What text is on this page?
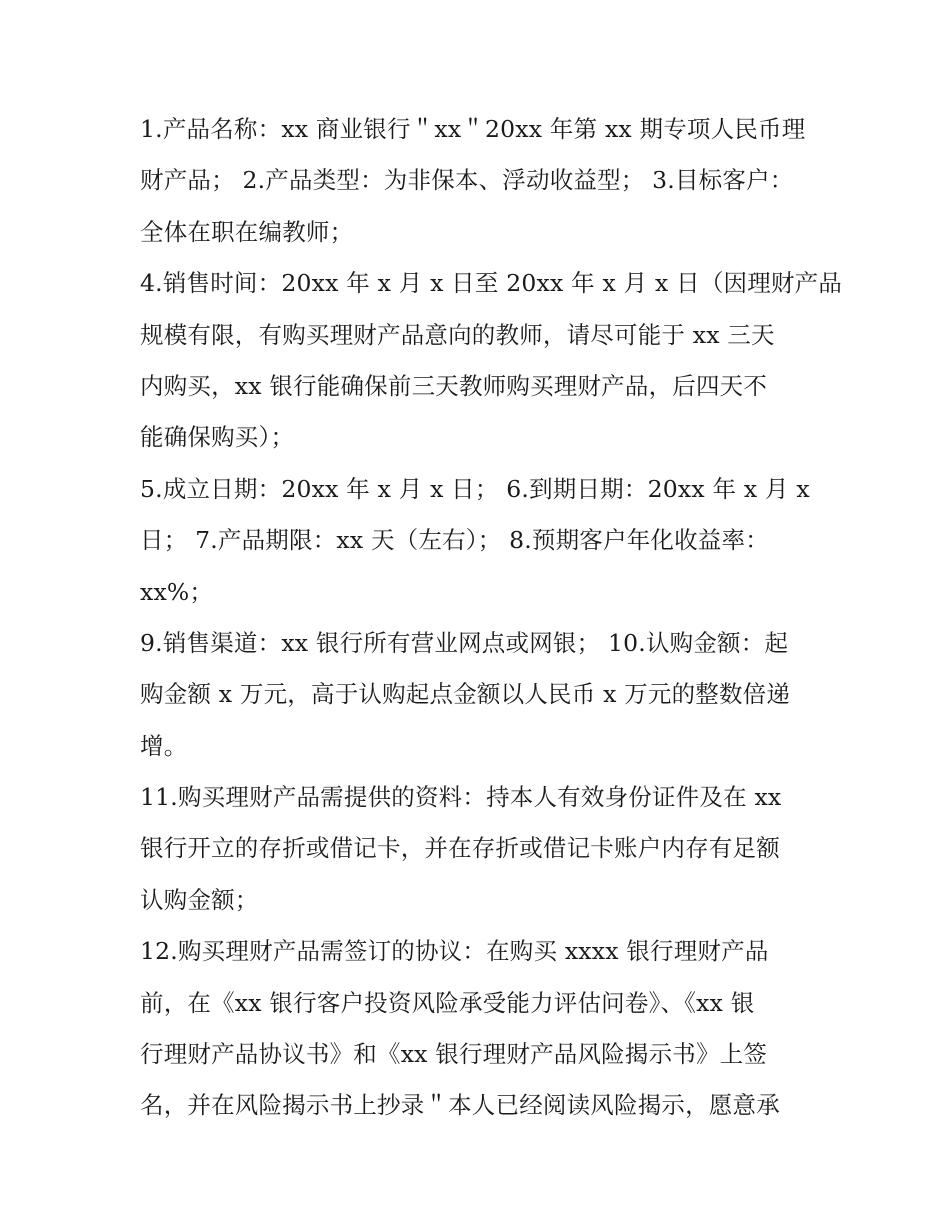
1.产品名称：xx 商业银行＂xx＂20xx 年第 xx 期专项人民币理
财产品； 2.产品类型：为非保本、浮动收益型； 3.目标客户：
全体在职在编教师；
4.销售时间：20xx 年 x 月 x 日至 20xx 年 x 月 x 日（因理财产品
规模有限，有购买理财产品意向的教师，请尽可能于 xx 三天
内购买，xx 银行能确保前三天教师购买理财产品，后四天不
能确保购买）；
5.成立日期：20xx 年 x 月 x 日； 6.到期日期：20xx 年 x 月 x
日； 7.产品期限：xx 天（左右）； 8.预期客户年化收益率：
xx%；
9.销售渠道：xx 银行所有营业网点或网银； 10.认购金额：起
购金额 x 万元，高于认购起点金额以人民币 x 万元的整数倍递
增。
11.购买理财产品需提供的资料：持本人有效身份证件及在 xx
银行开立的存折或借记卡，并在存折或借记卡账户内存有足额
认购金额；
12.购买理财产品需签订的协议：在购买 xxxx 银行理财产品
前，在《xx 银行客户投资风险承受能力评估问卷》、《xx 银
行理财产品协议书》和《xx 银行理财产品风险揭示书》上签
名，并在风险揭示书上抄录＂本人已经阅读风险揭示，愿意承
